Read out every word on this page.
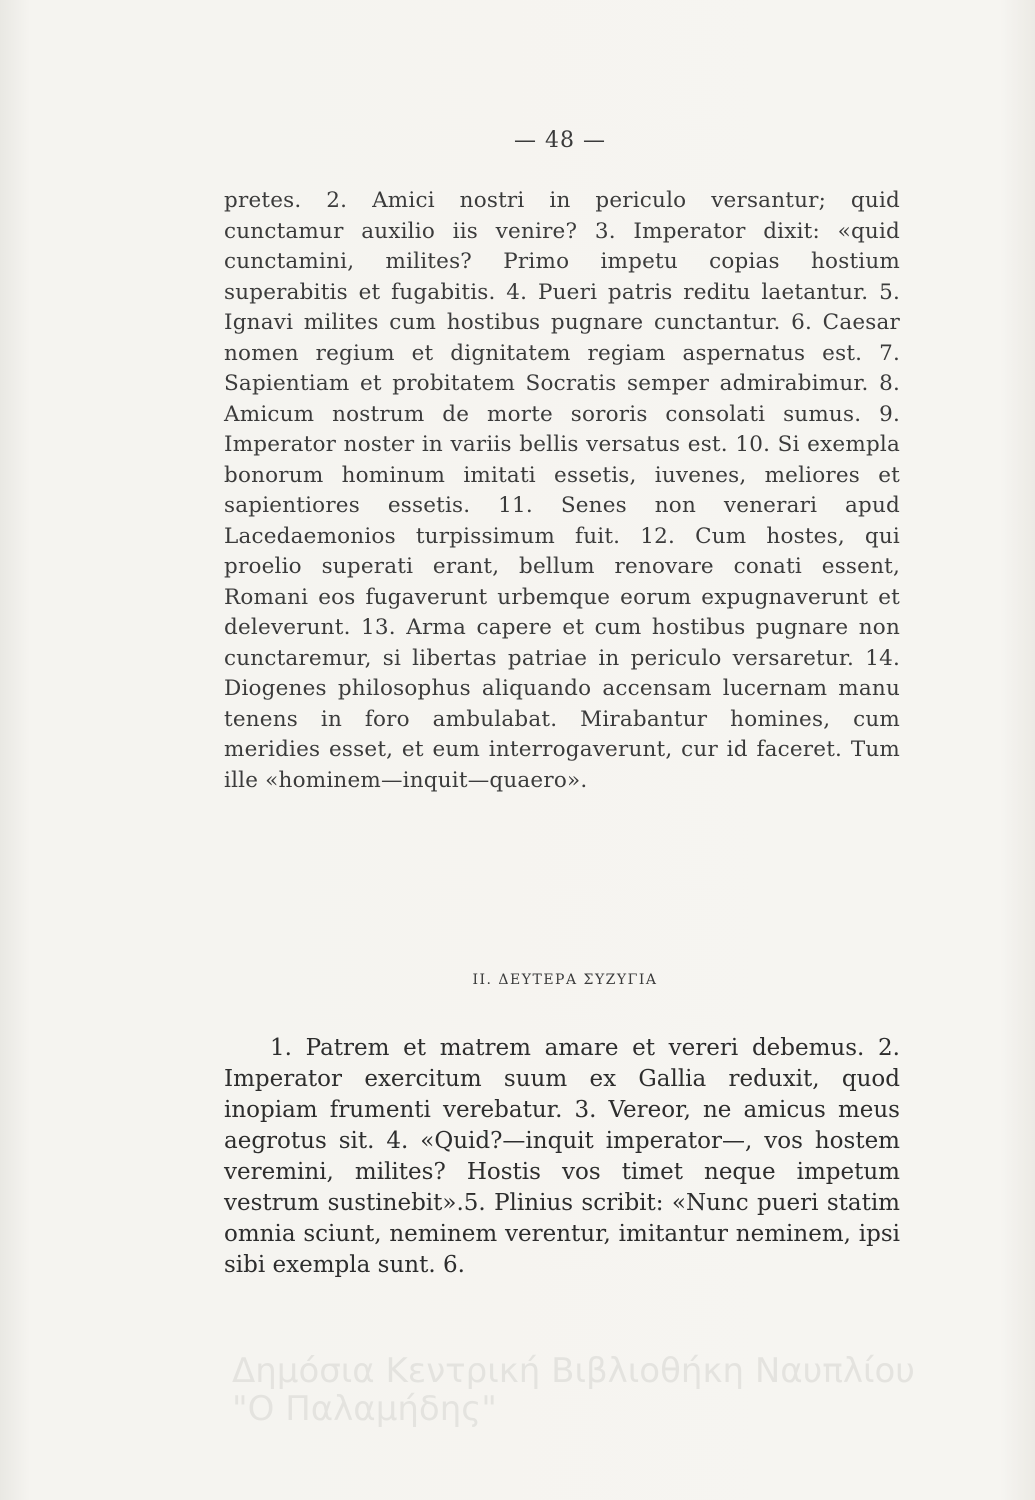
— 48 —

pretes. 2. Amici nostri in periculo versantur; quid cunctamur auxilio iis venire? 3. Imperator dixit: «quid cunctamini, milites? Primo impetu copias hostium superabitis et fugabitis. 4. Pueri patris reditu laetantur. 5. Ignavi milites cum hostibus pugnare cunctantur. 6. Caesar nomen regium et dignitatem regiam aspernatus est. 7. Sapientiam et probitatem Socratis semper admirabimur. 8. Amicum nostrum de morte sororis consolati sumus. 9. Imperator noster in variis bellis versatus est. 10. Si exempla bonorum hominum imitati essetis, iuvenes, meliores et sapientiores essetis. 11. Senes non venerari apud Lacedaemonios turpissimum fuit. 12. Cum hostes, qui proelio superati erant, bellum renovare conati essent, Romani eos fugaverunt urbemque eorum expugnaverunt et deleverunt. 13. Arma capere et cum hostibus pugnare non cunctaremur, si libertas patriae in periculo versaretur. 14. Diogenes philosophus aliquando accensam lucernam manu tenens in foro ambulabat. Mirabantur homines, cum meridies esset, et eum interrogaverunt, cur id faceret. Tum ille «hominem—inquit—quaero».

II. ΔΕΥΤΕΡΑ ΣΥΖΥΓΙΑ

1. Patrem et matrem amare et vereri debemus. 2. Imperator exercitum suum ex Gallia reduxit, quod inopiam frumenti verebatur. 3. Vereor, ne amicus meus aegrotus sit. 4. «Quid?—inquit imperator—, vos hostem veremini, milites? Hostis vos timet neque impetum vestrum sustinebit».5. Plinius scribit: «Nunc pueri statim omnia sciunt, neminem verentur, imitantur neminem, ipsi sibi exempla sunt. 6.

Δημόσια Κεντρική Βιβλιοθήκη Ναυπλίου
"Ο Παλαμήδης"
